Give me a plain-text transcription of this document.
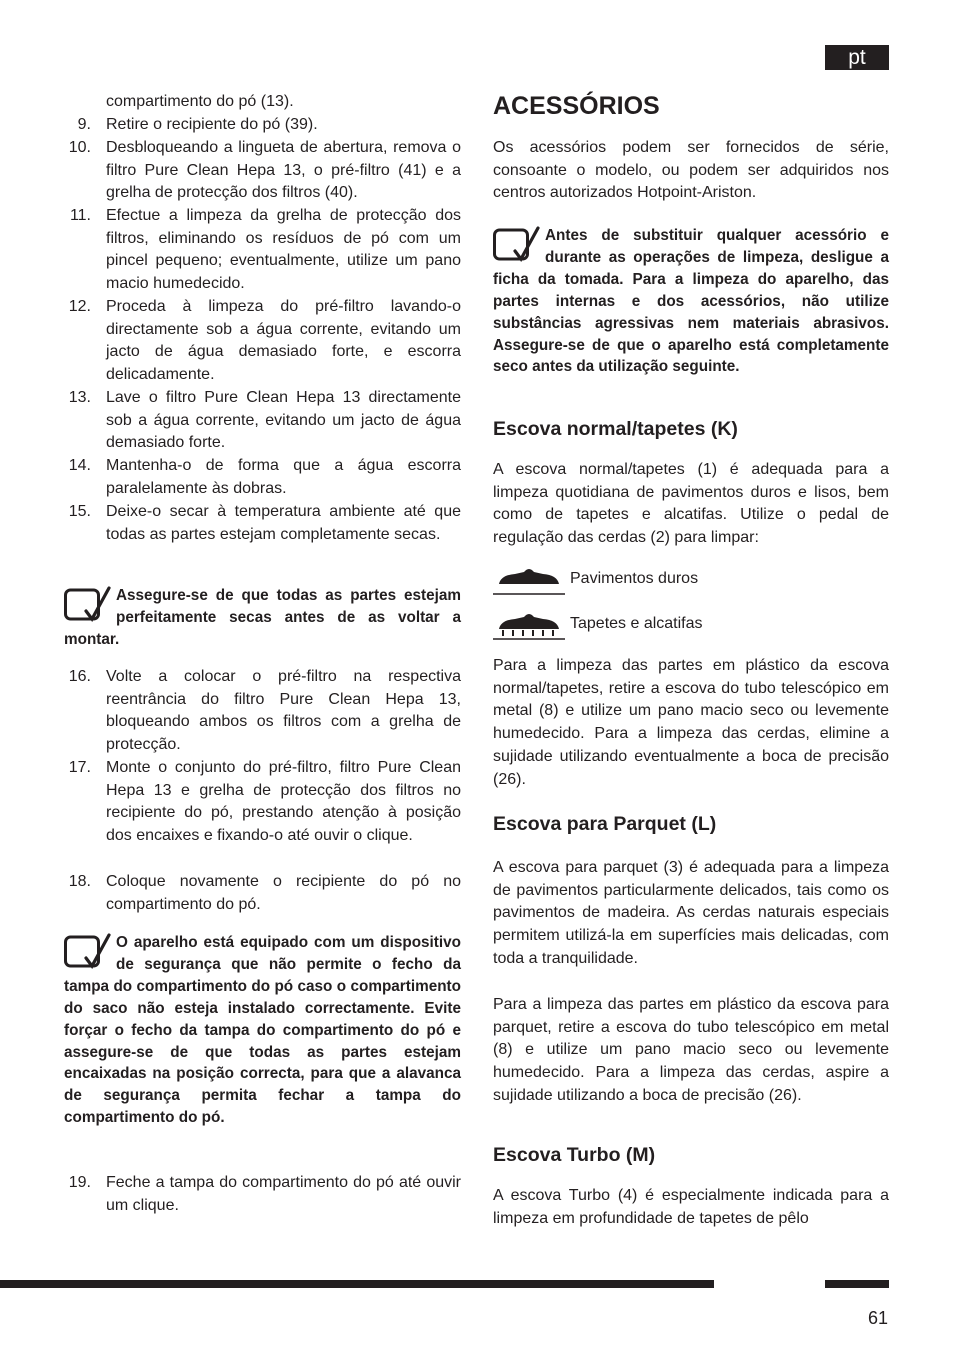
pt
compartimento do pó (13).
9. Retire o recipiente do pó (39).
10. Desbloqueando a lingueta de abertura, remova o filtro Pure Clean Hepa 13, o pré-filtro (41) e a grelha de protecção dos filtros (40).
11. Efectue a limpeza da grelha de protecção dos filtros, eliminando os resíduos de pó com um pincel pequeno; eventualmente, utilize um pano macio humedecido.
12. Proceda à limpeza do pré-filtro lavando-o directamente sob a água corrente, evitando um jacto de água demasiado forte, e escorra delicadamente.
13. Lave o filtro Pure Clean Hepa 13 directamente sob a água corrente, evitando um jacto de água demasiado forte.
14. Mantenha-o de forma que a água escorra paralelamente às dobras.
15. Deixe-o secar à temperatura ambiente até que todas as partes estejam completamente secas.
Assegure-se de que todas as partes estejam perfeitamente secas antes de as voltar a montar.
16. Volte a colocar o pré-filtro na respectiva reentrância do filtro Pure Clean Hepa 13, bloqueando ambos os filtros com a grelha de protecção.
17. Monte o conjunto do pré-filtro, filtro Pure Clean Hepa 13 e grelha de protecção dos filtros no recipiente do pó, prestando atenção à posição dos encaixes e fixando-o até ouvir o clique.
18. Coloque novamente o recipiente do pó no compartimento do pó.
O aparelho está equipado com um dispositivo de segurança que não permite o fecho da tampa do compartimento do pó caso o compartimento do saco não esteja instalado correctamente. Evite forçar o fecho da tampa do compartimento do pó e assegure-se de que todas as partes estejam encaixadas na posição correcta, para que a alavanca de segurança permita fechar a tampa do compartimento do pó.
19. Feche a tampa do compartimento do pó até ouvir um clique.
ACESSÓRIOS

Os acessórios podem ser fornecidos de série, consoante o modelo, ou podem ser adquiridos nos centros autorizados Hotpoint-Ariston.

Antes de substituir qualquer acessório e durante as operações de limpeza, desligue a ficha da tomada. Para a limpeza do aparelho, das partes internas e dos acessórios, não utilize substâncias agressivas nem materiais abrasivos. Assegure-se de que o aparelho está completamente seco antes da utilização seguinte.
Escova normal/tapetes (K)

A escova normal/tapetes (1) é adequada para a limpeza quotidiana de pavimentos duros e lisos, bem como de tapetes e alcatifas. Utilize o pedal de regulação das cerdas (2) para limpar:

Pavimentos duros
Tapetes e alcatifas

Para a limpeza das partes em plástico da escova normal/tapetes, retire a escova do tubo telescópico em metal (8) e utilize um pano macio seco ou levemente humedecido. Para a limpeza das cerdas, elimine a sujidade utilizando eventualmente a boca de precisão (26).

Escova para Parquet (L)

A escova para parquet (3) é adequada para a limpeza de pavimentos particularmente delicados, tais como os pavimentos de madeira. As cerdas naturais especiais permitem utilizá-la em superfícies mais delicadas, com toda a tranquilidade.

Para a limpeza das partes em plástico da escova para parquet, retire a escova do tubo telescópico em metal (8) e utilize um pano macio seco ou levemente humedecido. Para a limpeza das cerdas, aspire a sujidade utilizando a boca de precisão (26).

Escova Turbo (M)

A escova Turbo (4) é especialmente indicada para a limpeza em profundidade de tapetes de pêlo

61
